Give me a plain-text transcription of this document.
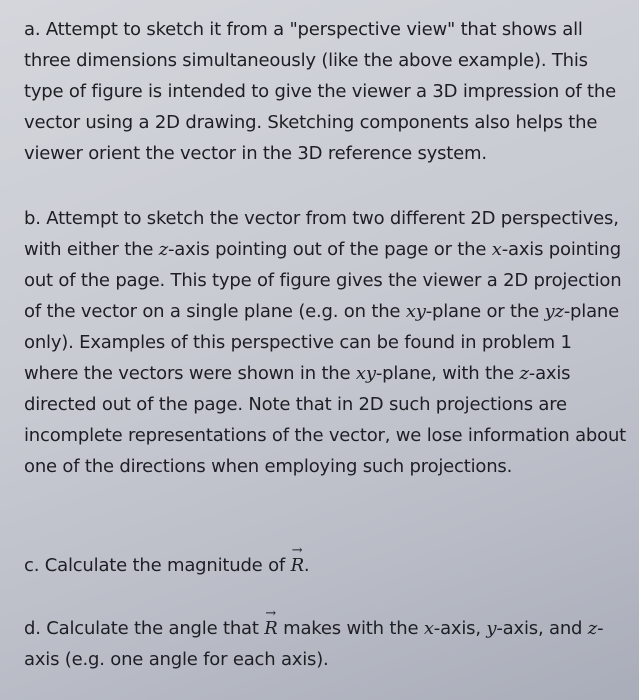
a. Attempt to sketch it from a "perspective view" that shows all three dimensions simultaneously (like the above example). This type of figure is intended to give the viewer a 3D impression of the vector using a 2D drawing. Sketching components also helps the viewer orient the vector in the 3D reference system.

b. Attempt to sketch the vector from two different 2D perspectives, with either the z-axis pointing out of the page or the x-axis pointing out of the page. This type of figure gives the viewer a 2D projection of the vector on a single plane (e.g. on the xy-plane or the yz-plane only). Examples of this perspective can be found in problem 1 where the vectors were shown in the xy-plane, with the z-axis directed out of the page. Note that in 2D such projections are incomplete representations of the vector, we lose information about one of the directions when employing such projections.

c. Calculate the magnitude of → R.

d. Calculate the angle that → R makes with the x-axis, y-axis, and z-axis (e.g. one angle for each axis).
